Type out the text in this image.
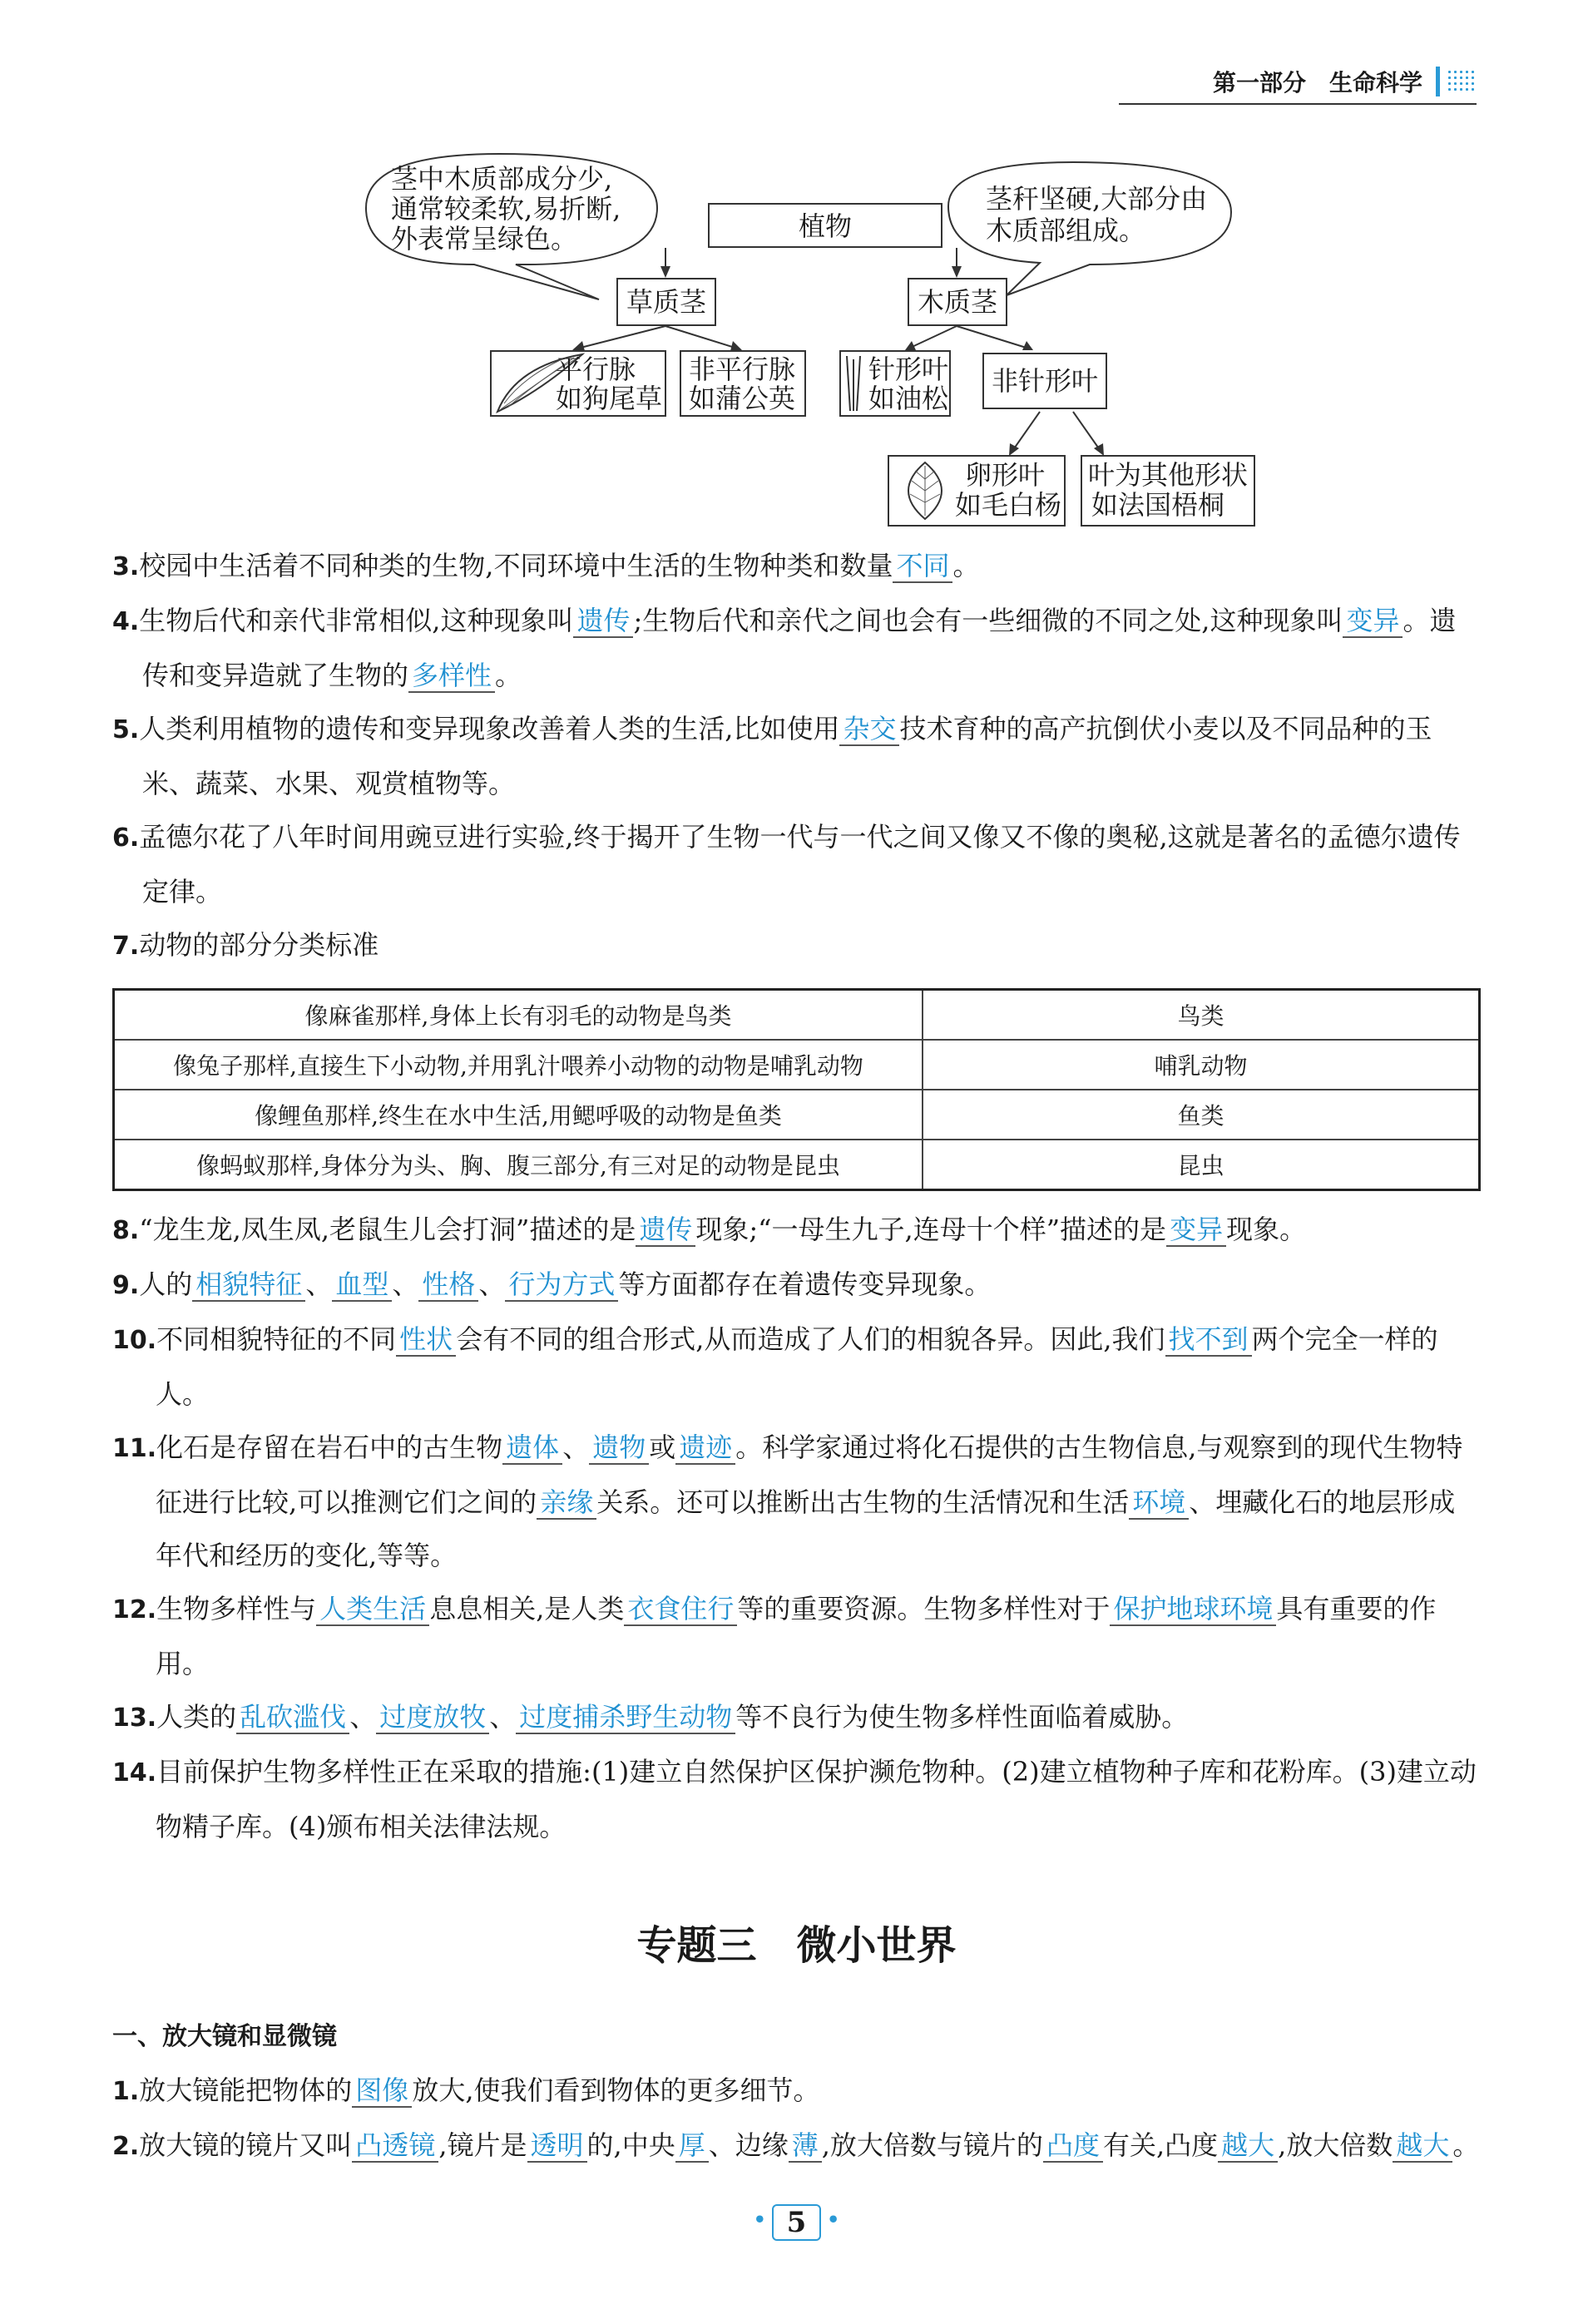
第一部分　生命科学
茎中木质部成分少,
通常较柔软,易折断,
外表常呈绿色。
茎秆坚硬,大部分由
木质部组成。
植物
草质茎	木质茎
平行脉
如狗尾草
非平行脉
如蒲公英
针形叶
如油松
非针形叶
卵形叶
如毛白杨
叶为其他形状
如法国梧桐

3.校园中生活着不同种类的生物,不同环境中生活的生物种类和数量 不同 。

4.生物后代和亲代非常相似,这种现象叫 遗传 ;生物后代和亲代之间也会有一些细微的不同之处,这种现象叫 变异 。遗传和变异造就了生物的 多样性 。

5.人类利用植物的遗传和变异现象改善着人类的生活,比如使用 杂交 技术育种的高产抗倒伏小麦以及不同品种的玉米、蔬菜、水果、观赏植物等。

6.孟德尔花了八年时间用豌豆进行实验,终于揭开了生物一代与一代之间又像又不像的奥秘,这就是著名的孟德尔遗传定律。

7.动物的部分分类标准

像麻雀那样,身体上长有羽毛的动物是鸟类	鸟类
像兔子那样,直接生下小动物,并用乳汁喂养小动物的动物是哺乳动物	哺乳动物
像鲤鱼那样,终生在水中生活,用鳃呼吸的动物是鱼类	鱼类
像蚂蚁那样,身体分为头、胸、腹三部分,有三对足的动物是昆虫	昆虫

8.“龙生龙,凤生凤,老鼠生儿会打洞”描述的是 遗传 现象;“一母生九子,连母十个样”描述的是 变异 现象。

9.人的 相貌特征 、 血型 、 性格 、 行为方式 等方面都存在着遗传变异现象。

10.不同相貌特征的不同 性状 会有不同的组合形式,从而造成了人们的相貌各异。因此,我们 找不到 两个完全一样的人。

11.化石是存留在岩石中的古生物 遗体 、 遗物 或 遗迹 。科学家通过将化石提供的古生物信息,与观察到的现代生物特征进行比较,可以推测它们之间的 亲缘 关系。还可以推断出古生物的生活情况和生活 环境 、埋藏化石的地层形成年代和经历的变化,等等。

12.生物多样性与 人类生活 息息相关,是人类 衣食住行 等的重要资源。生物多样性对于 保护地球环境 具有重要的作用。

13.人类的 乱砍滥伐 、 过度放牧 、 过度捕杀野生动物 等不良行为使生物多样性面临着威胁。

14.目前保护生物多样性正在采取的措施:(1)建立自然保护区保护濒危物种。(2)建立植物种子库和花粉库。(3)建立动物精子库。(4)颁布相关法律法规。

专题三　微小世界

一、放大镜和显微镜

1.放大镜能把物体的 图像 放大,使我们看到物体的更多细节。

2.放大镜的镜片又叫 凸透镜 ,镜片是 透明 的,中央 厚 、边缘 薄 ,放大倍数与镜片的 凸度 有关,凸度 越大 ,放大倍数 越大 。

• 5 •
